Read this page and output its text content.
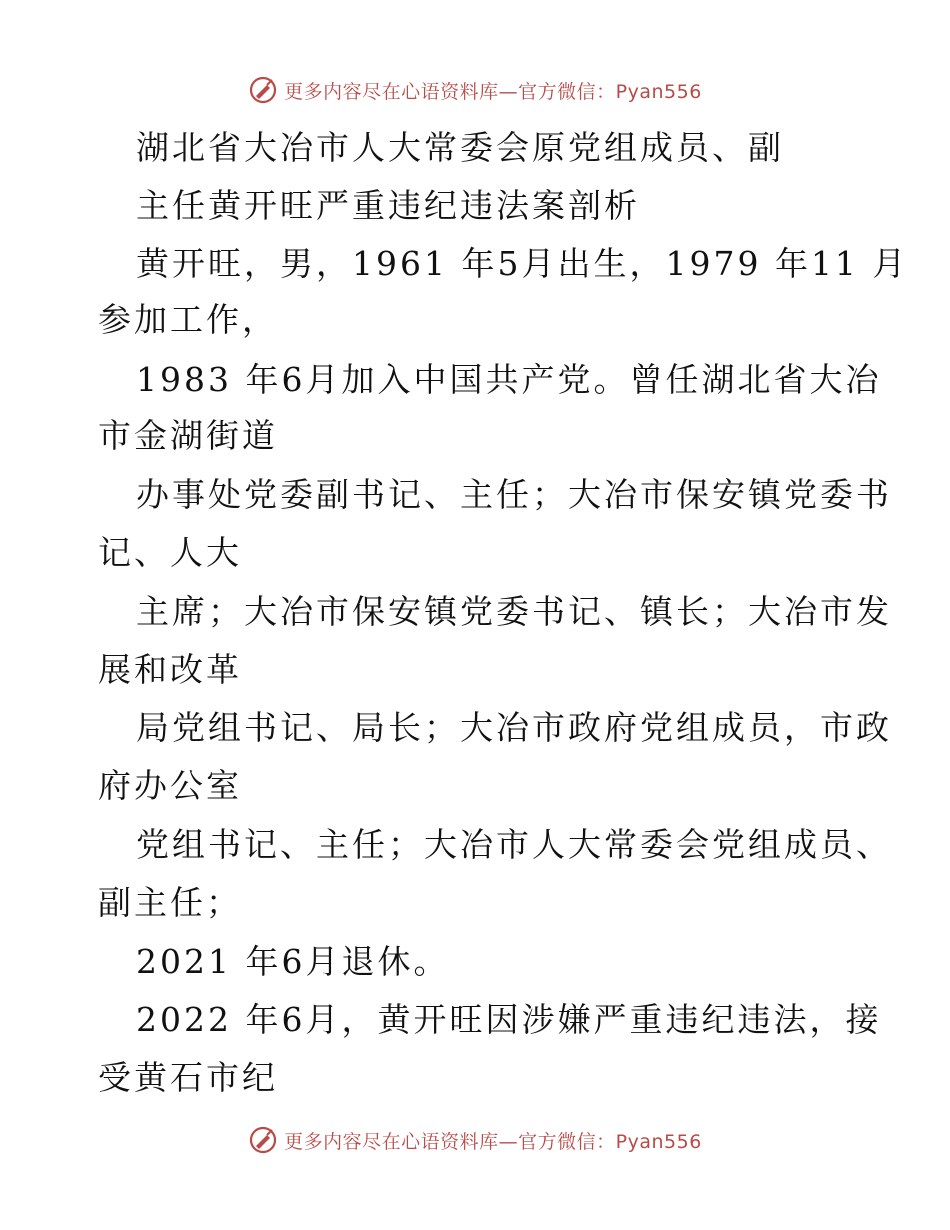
更多内容尽在心语资料库—官方微信：Pyan556
湖北省大冶市人大常委会原党组成员、副
主任黄开旺严重违纪违法案剖析
黄开旺，男，1961 年5月出生，1979 年11 月
参加工作，
1983 年6月加入中国共产党。曾任湖北省大冶
市金湖街道
办事处党委副书记、主任；大冶市保安镇党委书
记、人大
主席；大冶市保安镇党委书记、镇长；大冶市发
展和改革
局党组书记、局长；大冶市政府党组成员，市政
府办公室
党组书记、主任；大冶市人大常委会党组成员、
副主任；
2021 年6月退休。
2022 年6月，黄开旺因涉嫌严重违纪违法，接
受黄石市纪
更多内容尽在心语资料库—官方微信：Pyan556
